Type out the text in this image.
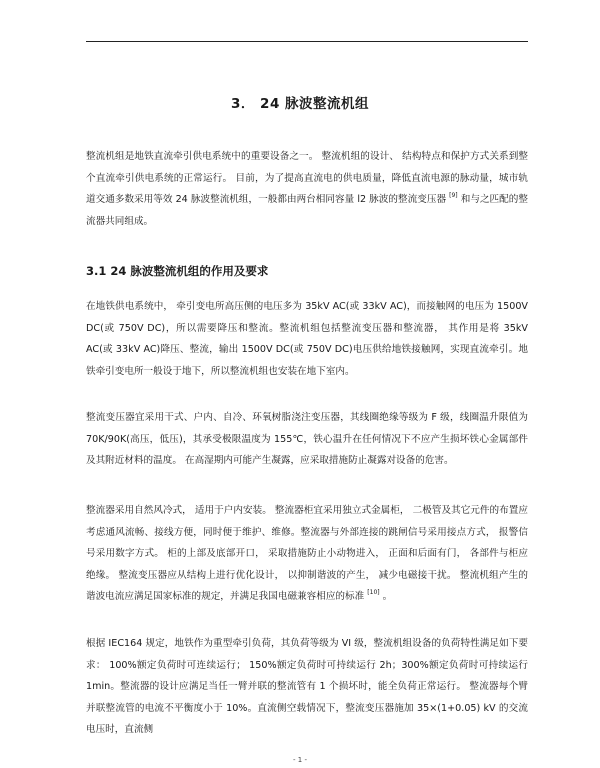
3． 24 脉波整流机组

整流机组是地铁直流牵引供电系统中的重要设备之一。 整流机组的设计、 结构特点和保护方式关系到整个直流牵引供电系统的正常运行。 目前，为了提高直流电的供电质量，降低直流电源的脉动量，城市轨道交通多数采用等效 24 脉波整流机组，一般都由两台相同容量 l2 脉波的整流变压器 [9] 和与之匹配的整流器共同组成。

3.1 24 脉波整流机组的作用及要求

在地铁供电系统中， 牵引变电所高压侧的电压多为 35kV AC(或 33kV AC)，而接触网的电压为 1500V DC(或 750V DC)，所以需要降压和整流。整流机组包括整流变压器和整流器， 其作用是将 35kV AC(或 33kV AC)降压、整流，输出 1500V DC(或 750V DC)电压供给地铁接触网，实现直流牵引。地铁牵引变电所一般设于地下，所以整流机组也安装在地下室内。

整流变压器宜采用干式、户内、自冷、环氧树脂浇注变压器，其线圈绝缘等级为 F 级，线圈温升限值为 70K/90K(高压，低压)，其承受极限温度为 155℃，铁心温升在任何情况下不应产生损坏铁心金属部件及其附近材料的温度。 在高湿期内可能产生凝露，应采取措施防止凝露对设备的危害。

整流器采用自然风冷式， 适用于户内安装。 整流器柜宜采用独立式金属柜， 二极管及其它元件的布置应考虑通风流畅、接线方便，同时便于维护、维修。整流器与外部连接的跳闸信号采用接点方式， 报警信号采用数字方式。 柜的上部及底部开口， 采取措施防止小动物进入， 正面和后面有门， 各部件与柜应绝缘。 整流变压器应从结构上进行优化设计， 以抑制谐波的产生， 减少电磁接干扰。 整流机组产生的谐波电流应满足国家标准的规定，并满足我国电磁兼容相应的标准 [10] 。

根据 IEC164 规定，地铁作为重型牵引负荷，其负荷等级为 VI 级，整流机组设备的负荷特性满足如下要求： 100%额定负荷时可连续运行； 150%额定负荷时可持续运行 2h；300%额定负荷时可持续运行 1min。整流器的设计应满足当任一臂并联的整流管有 1 个损坏时，能全负荷正常运行。 整流器每个臂并联整流管的电流不平衡度小于 10%。直流侧空载情况下，整流变压器施加 35×(1+0.05) kV 的交流电压时，直流侧

- 1 -
